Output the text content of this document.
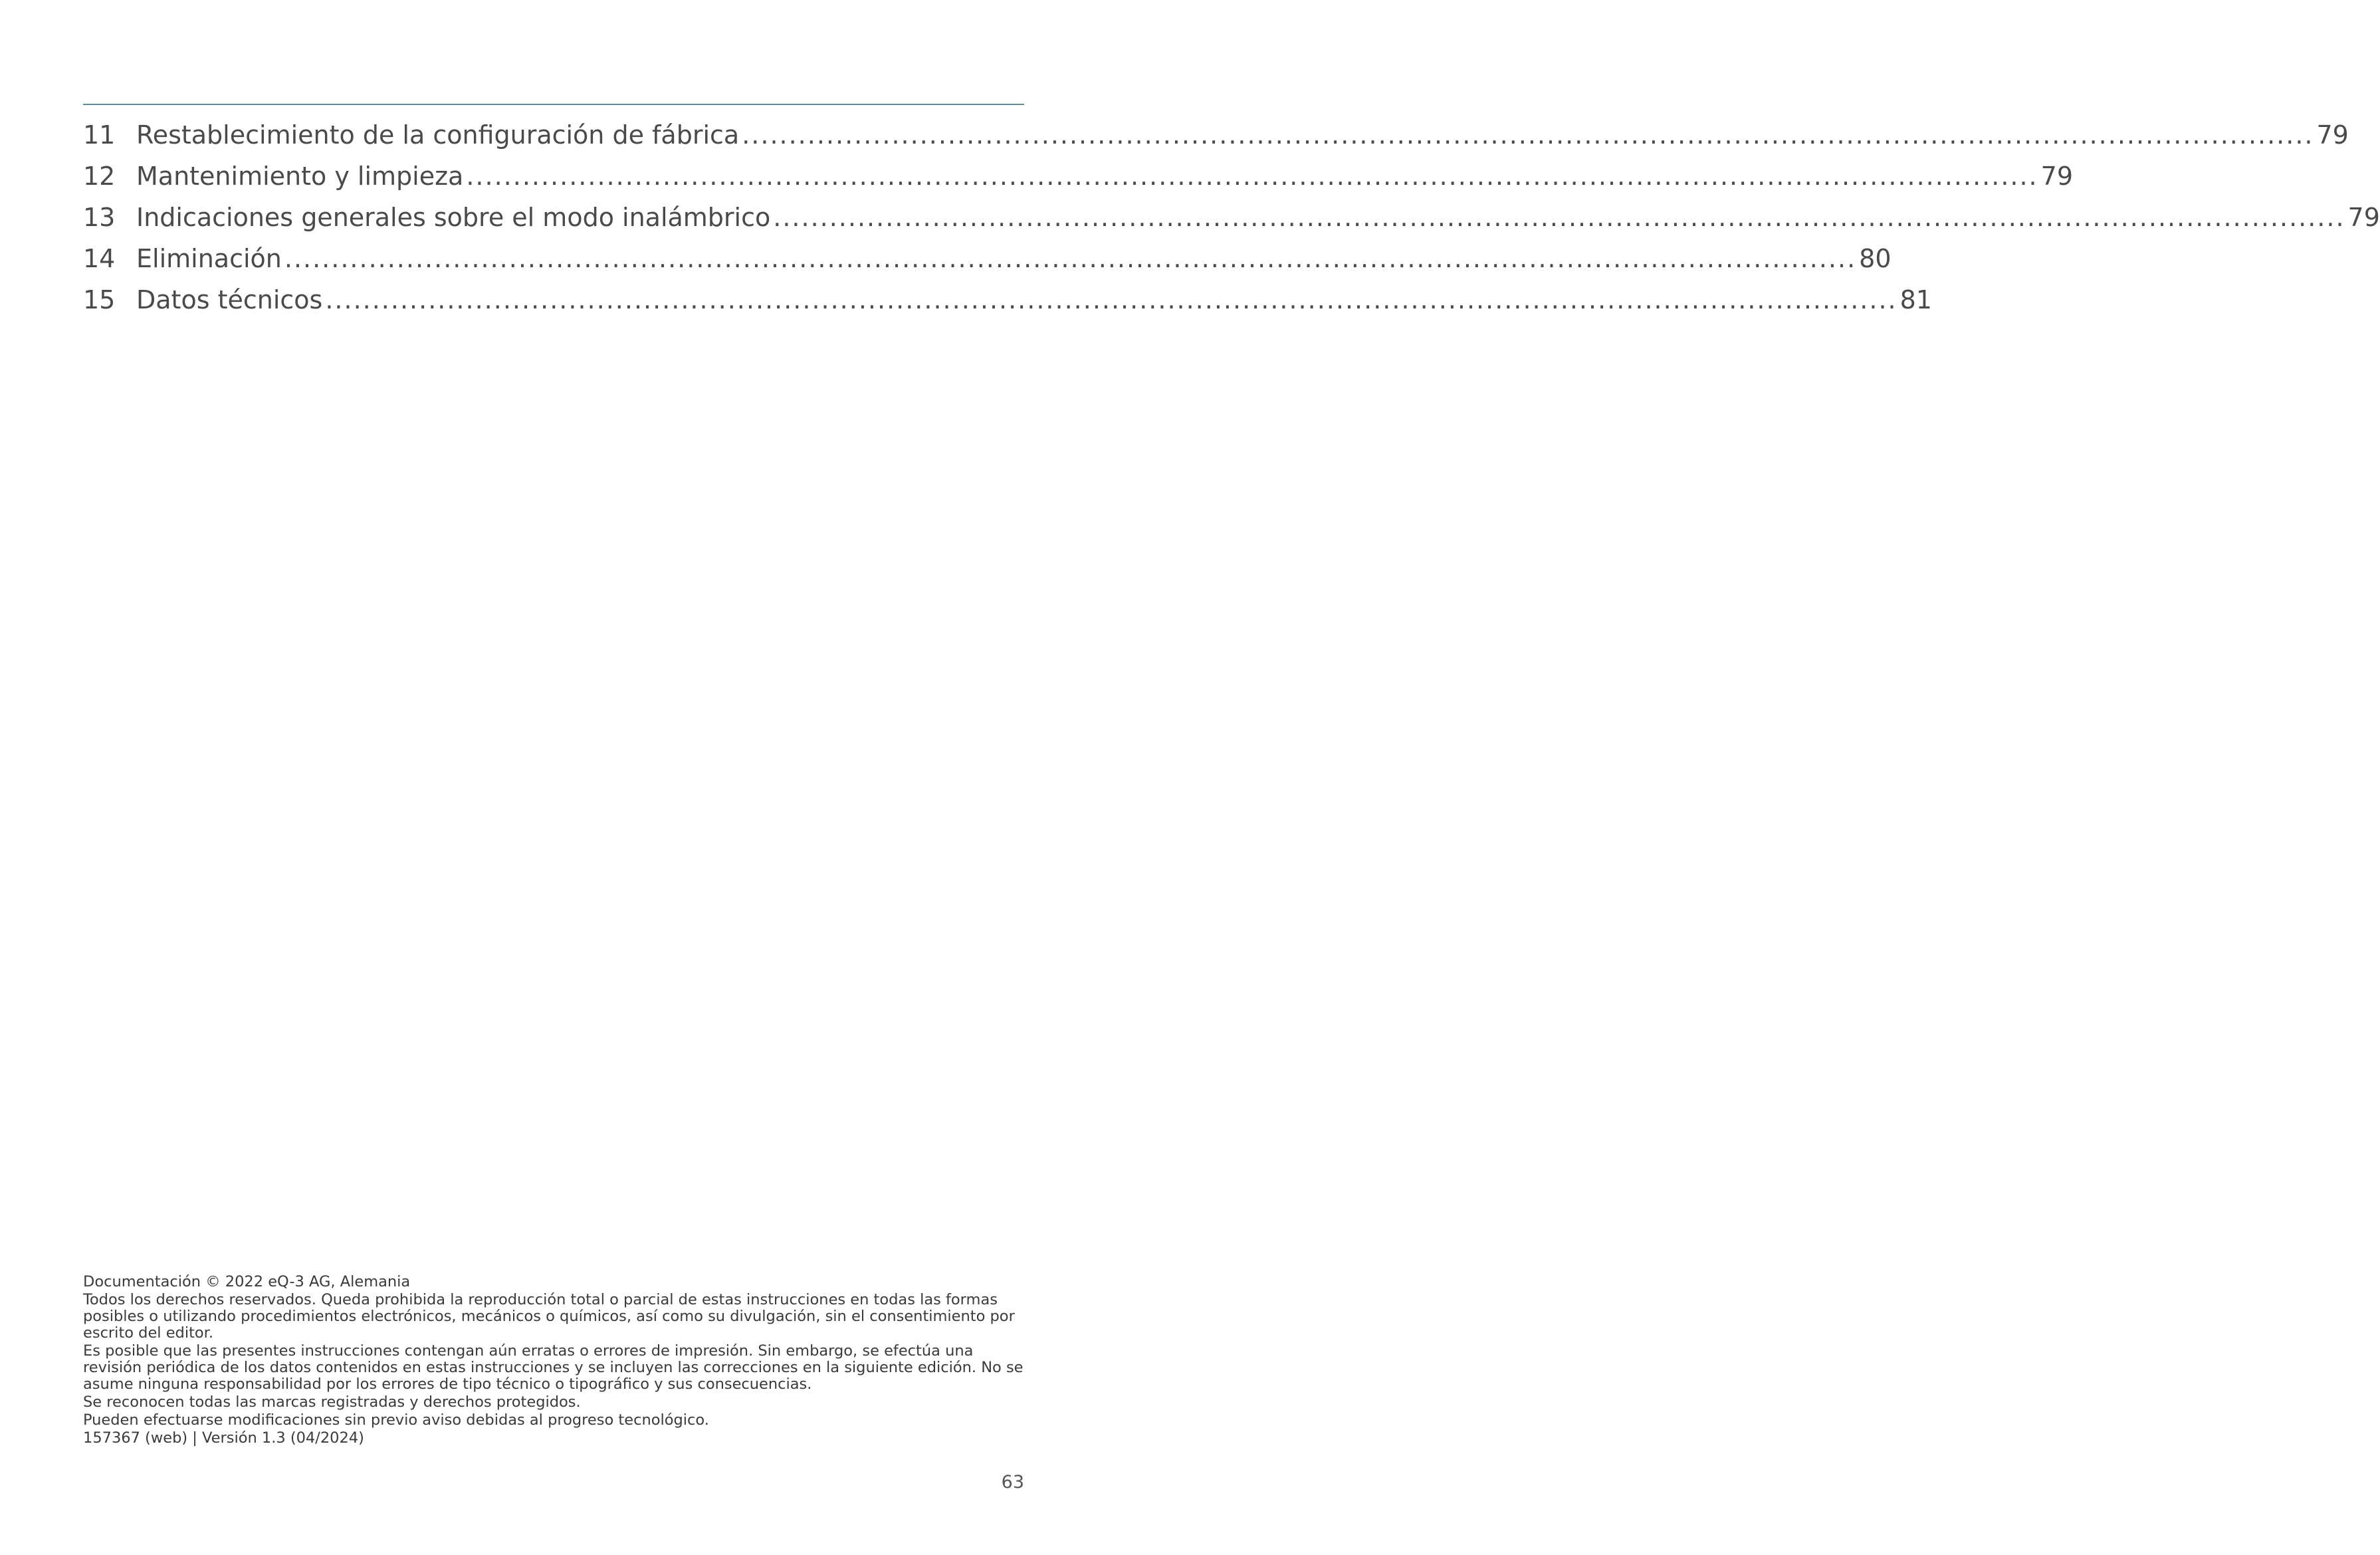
11 Restablecimiento de la configuración de fábrica ........................................................................................................................................................................ 79
12 Mantenimiento y limpieza ........................................................................................................................................................................ 79
13 Indicaciones generales sobre el modo inalámbrico ........................................................................................................................................................................ 79
14 Eliminación ........................................................................................................................................................................ 80
15 Datos técnicos ........................................................................................................................................................................ 81

Documentación © 2022 eQ-3 AG, Alemania

Todos los derechos reservados. Queda prohibida la reproducción total o parcial de estas instrucciones en todas las formas posibles o utilizando procedimientos electrónicos, mecánicos o químicos, así como su divulgación, sin el consentimiento por escrito del editor.

Es posible que las presentes instrucciones contengan aún erratas o errores de impresión. Sin embargo, se efectúa una revisión periódica de los datos contenidos en estas instrucciones y se incluyen las correcciones en la siguiente edición. No se asume ninguna responsabilidad por los errores de tipo técnico o tipográfico y sus consecuencias.

Se reconocen todas las marcas registradas y derechos protegidos.

Pueden efectuarse modificaciones sin previo aviso debidas al progreso tecnológico.

157367 (web) | Versión 1.3 (04/2024)

63
